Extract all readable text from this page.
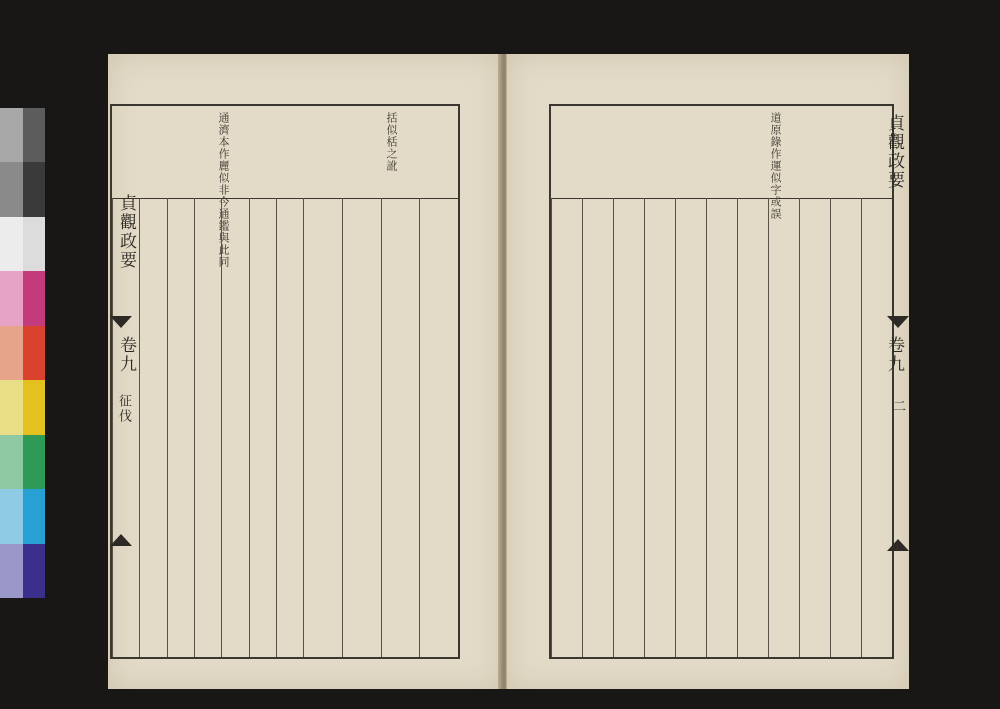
括似栝之訛
通濟本作麗似非今通鑑與此同
貞觀政要
卷九
征伐
道原錄作運似字或誤	貞觀政要
卷九
二
